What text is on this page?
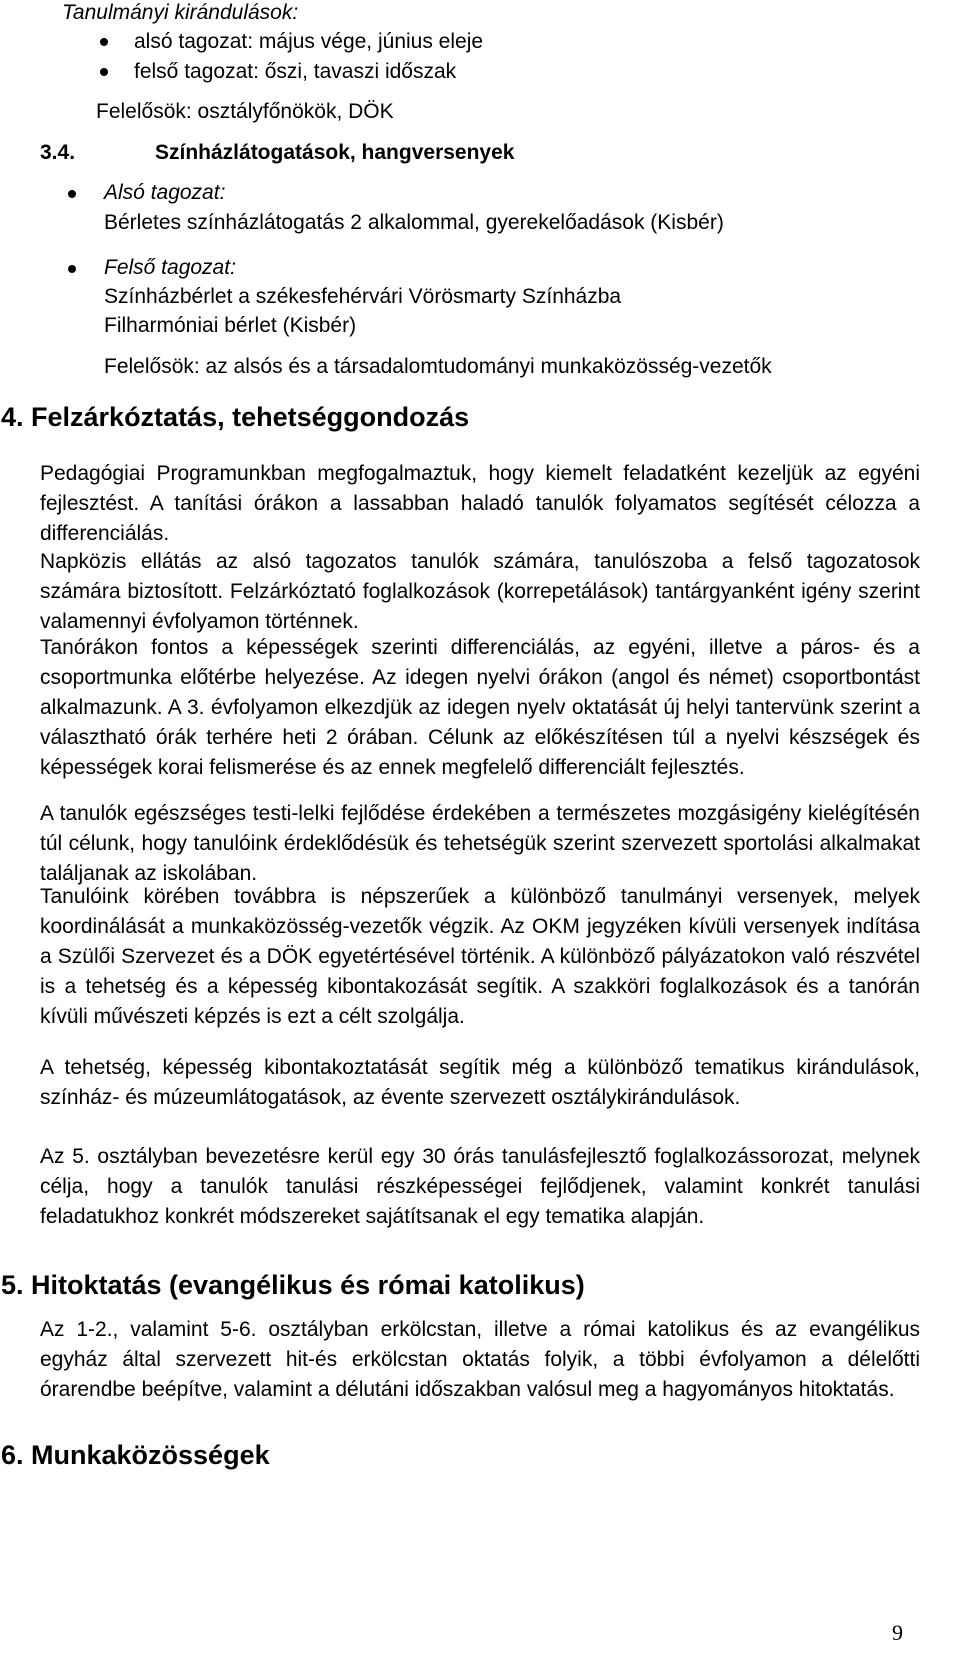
Tanulmányi kirándulások:
alsó tagozat: május vége, június eleje
felső tagozat: őszi, tavaszi időszak
Felelősök: osztályfőnökök, DÖK
3.4.	Színházlátogatások, hangversenyek
Alsó tagozat:
Bérletes színházlátogatás 2 alkalommal, gyerekelőadások (Kisbér)
Felső tagozat:
Színházbérlet a székesfehérvári Vörösmarty Színházba
Filharmóniai bérlet (Kisbér)
Felelősök: az alsós és a társadalomtudományi munkaközösség-vezetők
4. Felzárkóztatás, tehetséggondozás
Pedagógiai Programunkban megfogalmaztuk, hogy kiemelt feladatként kezeljük az egyéni fejlesztést. A tanítási órákon a lassabban haladó tanulók folyamatos segítését célozza a differenciálás.
Napközis ellátás az alsó tagozatos tanulók számára, tanulószoba a felső tagozatosok számára biztosított. Felzárkóztató foglalkozások (korrepetálások) tantárgyanként igény szerint valamennyi évfolyamon történnek.
Tanórákon fontos a képességek szerinti differenciálás, az egyéni, illetve a páros- és a csoportmunka előtérbe helyezése. Az idegen nyelvi órákon (angol és német) csoportbontást alkalmazunk. A 3. évfolyamon elkezdjük az idegen nyelv oktatását új helyi tantervünk szerint a választható órák terhére heti 2 órában. Célunk az előkészítésen túl a nyelvi készségek és képességek korai felismerése és az ennek megfelelő differenciált fejlesztés.
A tanulók egészséges testi-lelki fejlődése érdekében a természetes mozgásigény kielégítésén túl célunk, hogy tanulóink érdeklődésük és tehetségük szerint szervezett sportolási alkalmakat találjanak az iskolában.
Tanulóink körében továbbra is népszerűek a különböző tanulmányi versenyek, melyek koordinálását a munkaközösség-vezetők végzik. Az OKM jegyzéken kívüli versenyek indítása a Szülői Szervezet és a DÖK egyetértésével történik. A különböző pályázatokon való részvétel is a tehetség és a képesség kibontakozását segítik. A szakköri foglalkozások és a tanórán kívüli művészeti képzés is ezt a célt szolgálja.
A tehetség, képesség kibontakoztatását segítik még a különböző tematikus kirándulások, színház- és múzeumlátogatások, az évente szervezett osztálykirándulások.
Az 5. osztályban bevezetésre kerül egy 30 órás tanulásfejlesztő foglalkozássorozat, melynek célja, hogy a tanulók tanulási részképességei fejlődjenek, valamint konkrét tanulási feladatukhoz konkrét módszereket sajátítsanak el egy tematika alapján.
5. Hitoktatás (evangélikus és római katolikus)
Az 1-2., valamint 5-6. osztályban erkölcstan, illetve a római katolikus és az evangélikus egyház által szervezett hit-és erkölcstan oktatás folyik, a többi évfolyamon a délelőtti órarendbe beépítve, valamint a délutáni időszakban valósul meg a hagyományos hitoktatás.
6. Munkaközösségek
9
